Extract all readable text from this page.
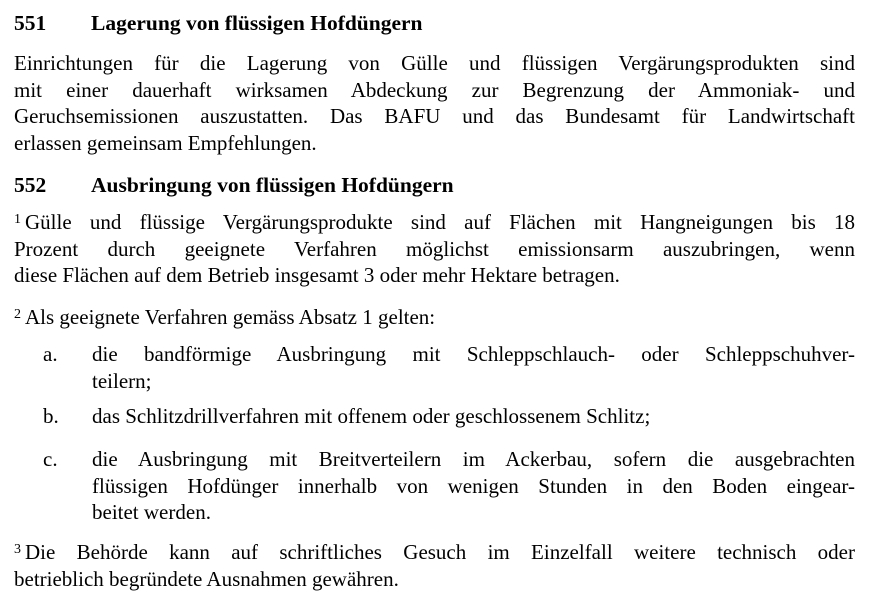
551	Lagerung von flüssigen Hofdüngern
Einrichtungen für die Lagerung von Gülle und flüssigen Vergärungsprodukten sind
mit einer dauerhaft wirksamen Abdeckung zur Begrenzung der Ammoniak- und
Geruchsemissionen auszustatten. Das BAFU und das Bundesamt für Landwirtschaft
erlassen gemeinsam Empfehlungen.
552	Ausbringung von flüssigen Hofdüngern
$^1$ Gülle und flüssige Vergärungsprodukte sind auf Flächen mit Hangneigungen bis 18
Prozent durch geeignete Verfahren möglichst emissionsarm auszubringen, wenn
diese Flächen auf dem Betrieb insgesamt 3 oder mehr Hektare betragen.
$^2$ Als geeignete Verfahren gemäss Absatz 1 gelten:
a.	die bandförmige Ausbringung mit Schleppschlauch- oder Schleppschuhver-
teilern;
b.	das Schlitzdrillverfahren mit offenem oder geschlossenem Schlitz;
c.	die Ausbringung mit Breitverteilern im Ackerbau, sofern die ausgebrachten
flüssigen Hofdünger innerhalb von wenigen Stunden in den Boden eingear-
beitet werden.
$^3$ Die Behörde kann auf schriftliches Gesuch im Einzelfall weitere technisch oder
betrieblich begründete Ausnahmen gewähren.
